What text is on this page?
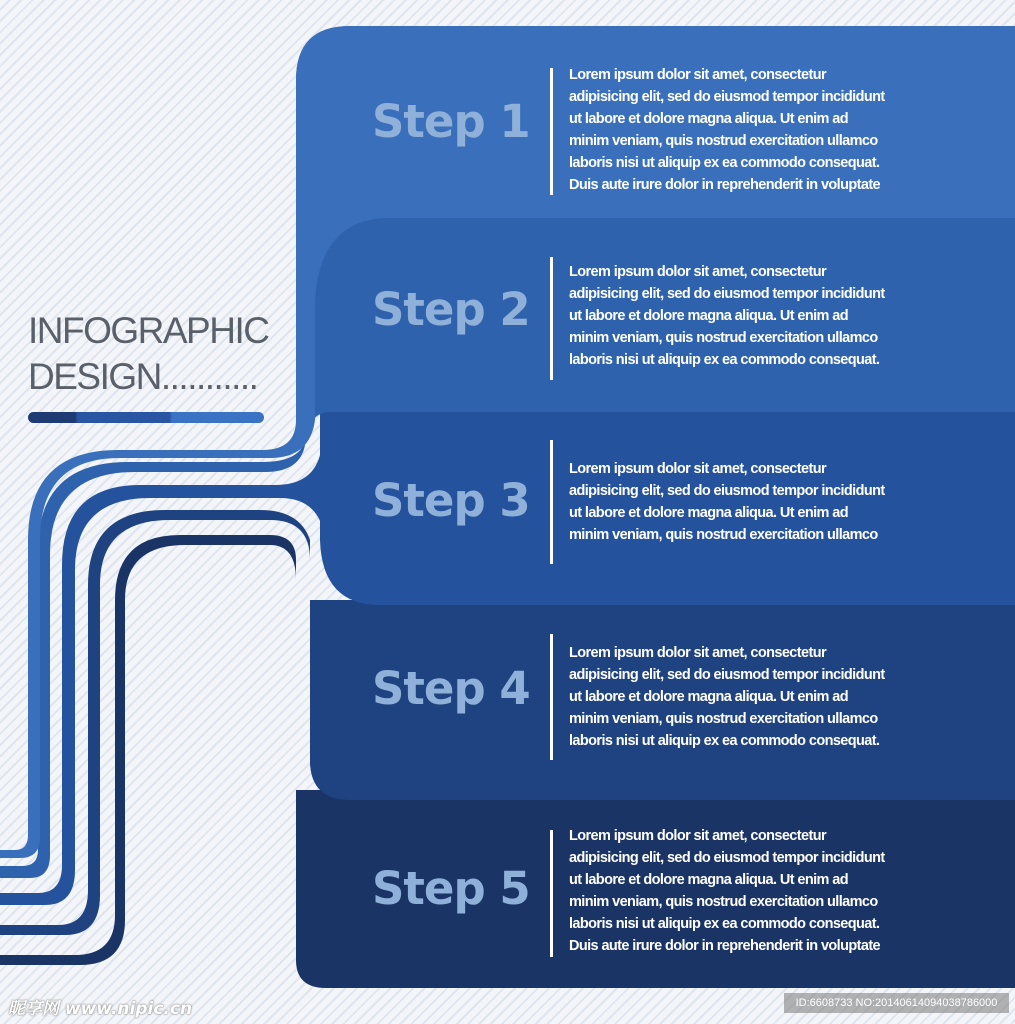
INFOGRAPHIC
DESIGN...........
Step 1
Lorem ipsum dolor sit amet, consectetur
adipisicing elit, sed do eiusmod tempor incididunt
ut labore et dolore magna aliqua. Ut enim ad
minim veniam, quis nostrud exercitation ullamco
laboris nisi ut aliquip ex ea commodo consequat.
Duis aute irure dolor in reprehenderit in voluptate
Step 2
Lorem ipsum dolor sit amet, consectetur
adipisicing elit, sed do eiusmod tempor incididunt
ut labore et dolore magna aliqua. Ut enim ad
minim veniam, quis nostrud exercitation ullamco
laboris nisi ut aliquip ex ea commodo consequat.
Step 3
Lorem ipsum dolor sit amet, consectetur
adipisicing elit, sed do eiusmod tempor incididunt
ut labore et dolore magna aliqua. Ut enim ad
minim veniam, quis nostrud exercitation ullamco
Step 4
Lorem ipsum dolor sit amet, consectetur
adipisicing elit, sed do eiusmod tempor incididunt
ut labore et dolore magna aliqua. Ut enim ad
minim veniam, quis nostrud exercitation ullamco
laboris nisi ut aliquip ex ea commodo consequat.
Step 5
Lorem ipsum dolor sit amet, consectetur
adipisicing elit, sed do eiusmod tempor incididunt
ut labore et dolore magna aliqua. Ut enim ad
minim veniam, quis nostrud exercitation ullamco
laboris nisi ut aliquip ex ea commodo consequat.
Duis aute irure dolor in reprehenderit in voluptate
昵享网 www.nipic.cn	ID:6608733 NO:20140614094038786000
